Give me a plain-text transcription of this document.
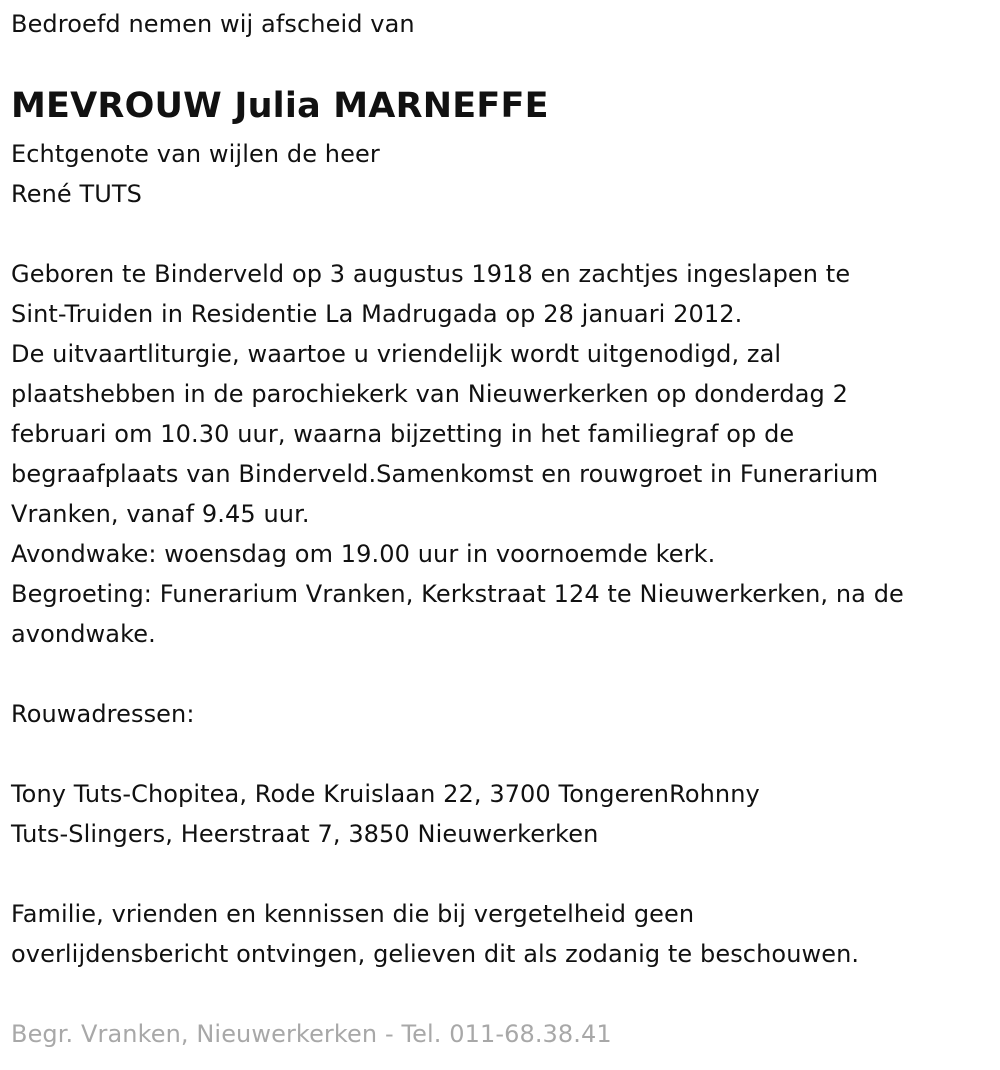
Bedroefd nemen wij afscheid van
MEVROUW Julia MARNEFFE
Echtgenote van wijlen de heer
René TUTS
Geboren te Binderveld op 3 augustus 1918 en zachtjes ingeslapen te
Sint-Truiden in Residentie La Madrugada op 28 januari 2012.
De uitvaartliturgie, waartoe u vriendelijk wordt uitgenodigd, zal
plaatshebben in de parochiekerk van Nieuwerkerken op donderdag 2
februari om 10.30 uur, waarna bijzetting in het familiegraf op de
begraafplaats van Binderveld.Samenkomst en rouwgroet in Funerarium
Vranken, vanaf 9.45 uur.
Avondwake: woensdag om 19.00 uur in voornoemde kerk.
Begroeting: Funerarium Vranken, Kerkstraat 124 te Nieuwerkerken, na de
avondwake.
Rouwadressen:
Tony Tuts-Chopitea, Rode Kruislaan 22, 3700 TongerenRohnny
Tuts-Slingers, Heerstraat 7, 3850 Nieuwerkerken
Familie, vrienden en kennissen die bij vergetelheid geen
overlijdensbericht ontvingen, gelieven dit als zodanig te beschouwen.
Begr. Vranken, Nieuwerkerken - Tel. 011-68.38.41
